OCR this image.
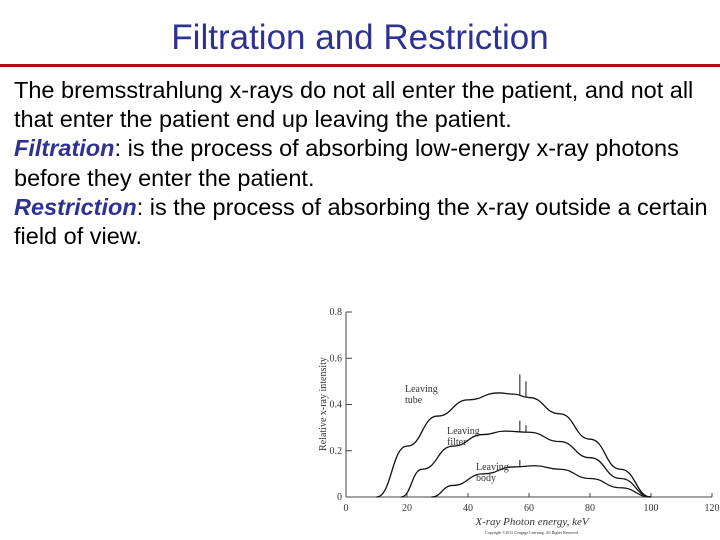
Filtration and Restriction

The bremsstrahlung x-rays do not all enter the patient, and not all that enter the patient end up leaving the patient.

Filtration: is the process of absorbing low-energy x-ray photons before they enter the patient.

Restriction: is the process of absorbing the x-ray outside a certain field of view.

0	20	40	60	80	100	120
0
0.2
0.4
0.6
0.8
X-ray Photon energy, keV
Copyright ©2015 Cengage Learning. All Rights Reserved.
Relative x-ray intensity	Leaving tube
Leaving filter
Leaving body
